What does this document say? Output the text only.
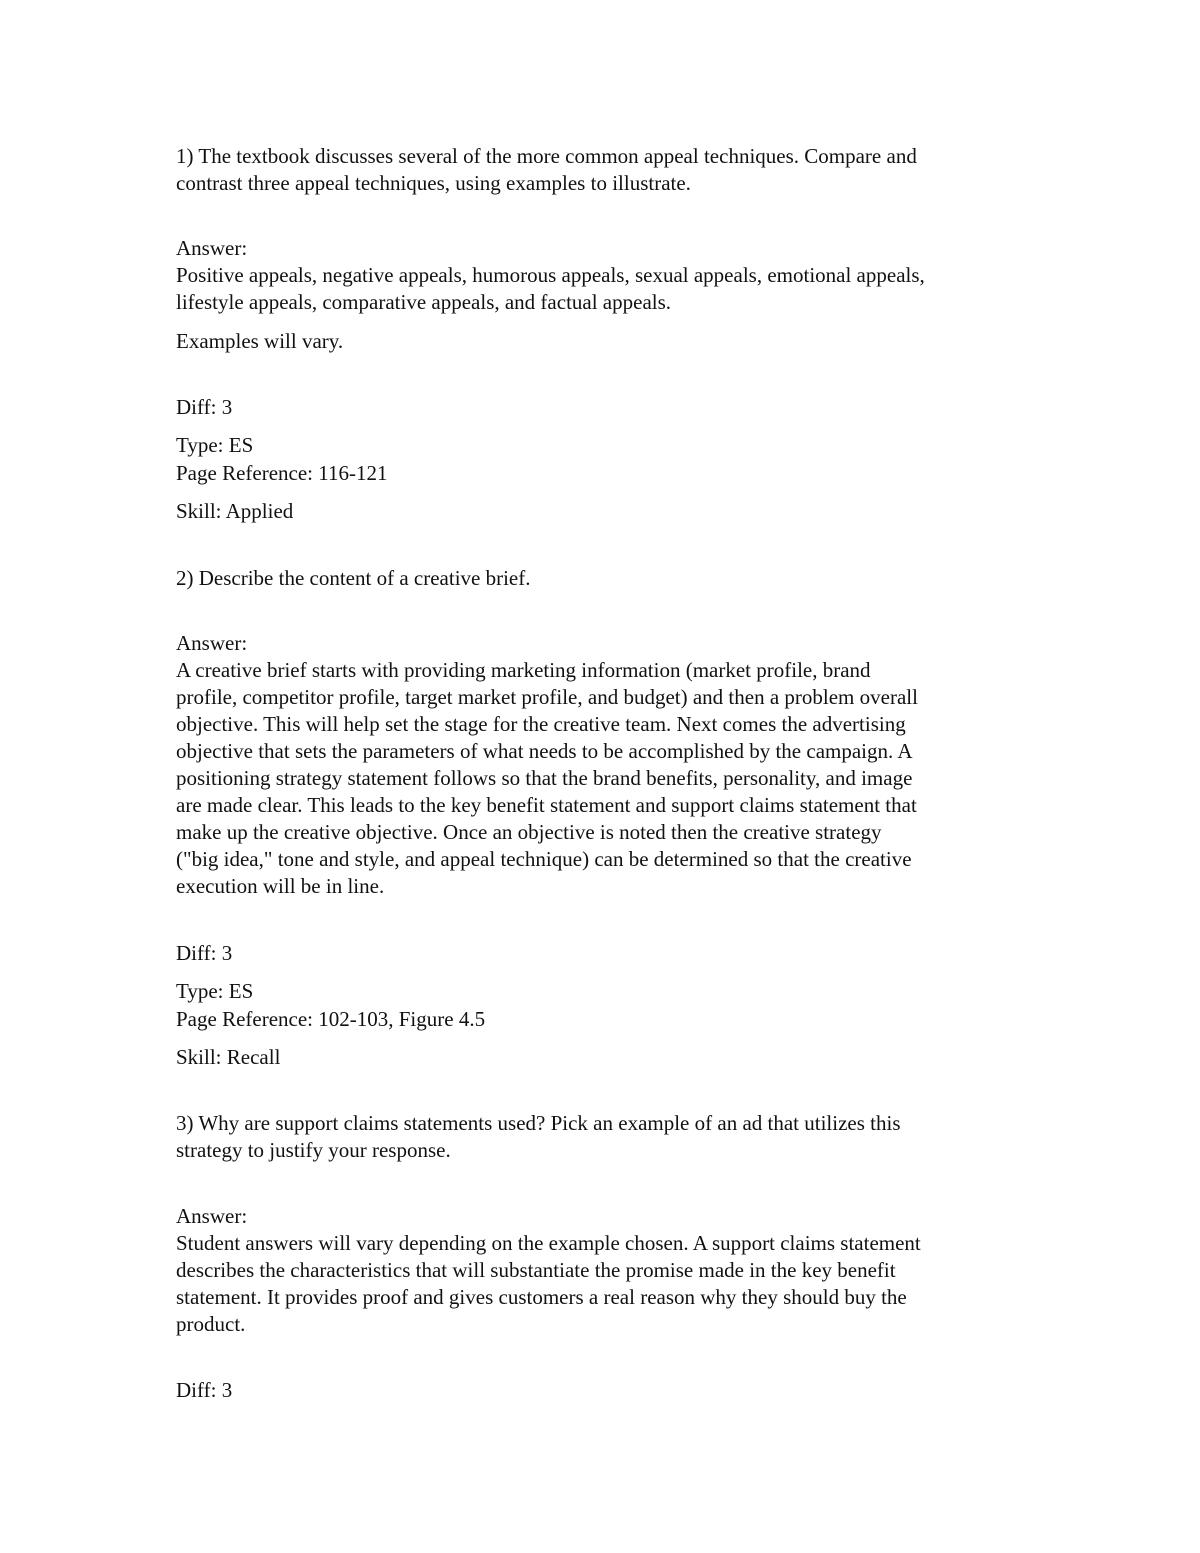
1) The textbook discusses several of the more common appeal techniques. Compare and
contrast three appeal techniques, using examples to illustrate.

Answer:

Positive appeals, negative appeals, humorous appeals, sexual appeals, emotional appeals,
lifestyle appeals, comparative appeals, and factual appeals.

Examples will vary.

Diff: 3

Type: ES

Page Reference: 116-121

Skill: Applied

2) Describe the content of a creative brief.

Answer:

A creative brief starts with providing marketing information (market profile, brand
profile, competitor profile, target market profile, and budget) and then a problem overall
objective. This will help set the stage for the creative team. Next comes the advertising
objective that sets the parameters of what needs to be accomplished by the campaign. A
positioning strategy statement follows so that the brand benefits, personality, and image
are made clear. This leads to the key benefit statement and support claims statement that
make up the creative objective. Once an objective is noted then the creative strategy
("big idea," tone and style, and appeal technique) can be determined so that the creative
execution will be in line.

Diff: 3

Type: ES

Page Reference: 102-103, Figure 4.5

Skill: Recall

3) Why are support claims statements used? Pick an example of an ad that utilizes this
strategy to justify your response.

Answer:

Student answers will vary depending on the example chosen. A support claims statement
describes the characteristics that will substantiate the promise made in the key benefit
statement. It provides proof and gives customers a real reason why they should buy the
product.

Diff: 3
